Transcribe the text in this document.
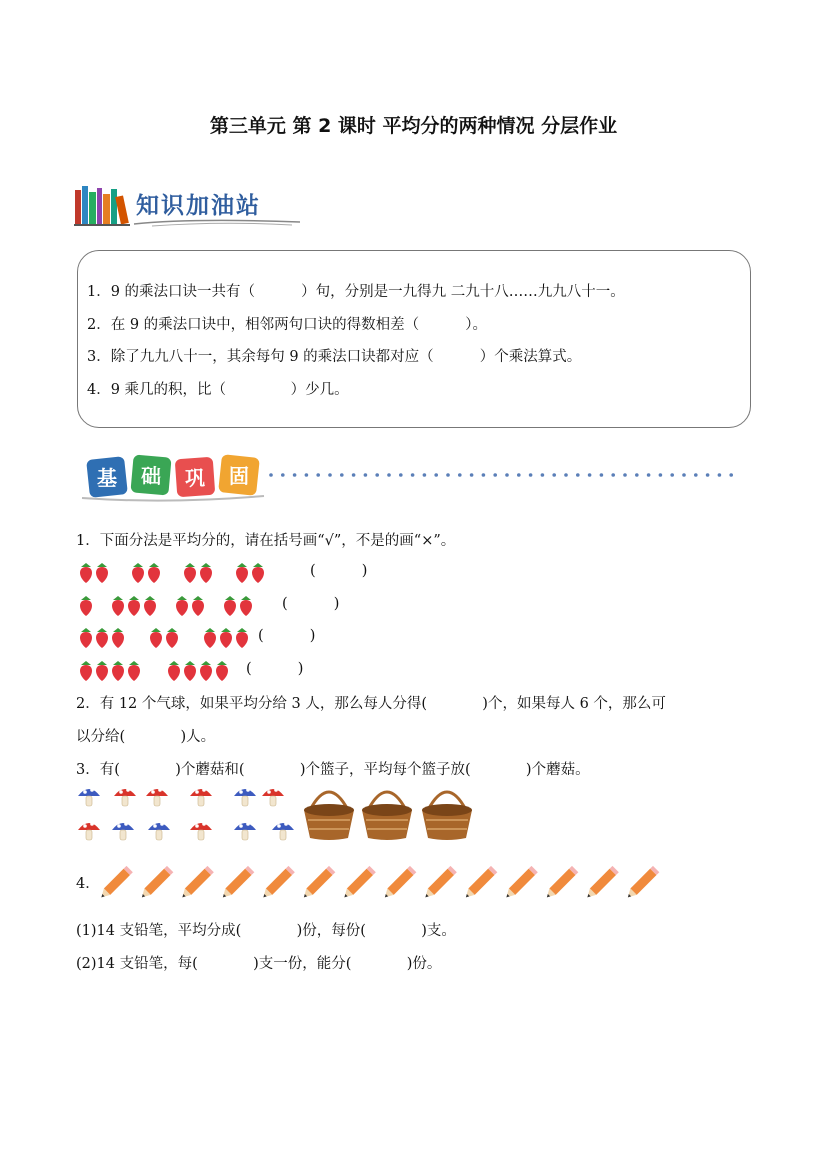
第三单元 第 2 课时 平均分的两种情况 分层作业
知识加油站
1．9 的乘法口诀一共有（          ）句，分别是一九得九 二九十八……九九八十一。
2．在 9 的乘法口诀中，相邻两句口诀的得数相差（          ）。
3．除了九九八十一，其余每句 9 的乘法口诀都对应（          ）个乘法算式。
4．9 乘几的积，比（              ）少几。
基 础 巩 固
1．下面分法是平均分的，请在括号画“√”，不是的画“×”。
(          )
(          )
(          )
(          )
2．有 12 个气球，如果平均分给 3 人，那么每人分得(            )个，如果每人 6 个，那么可
以分给(            )人。
3．有(            )个蘑菇和(            )个篮子，平均每个篮子放(            )个蘑菇。
4．
(1)14 支铅笔，平均分成(            )份，每份(            )支。
(2)14 支铅笔，每(            )支一份，能分(            )份。
